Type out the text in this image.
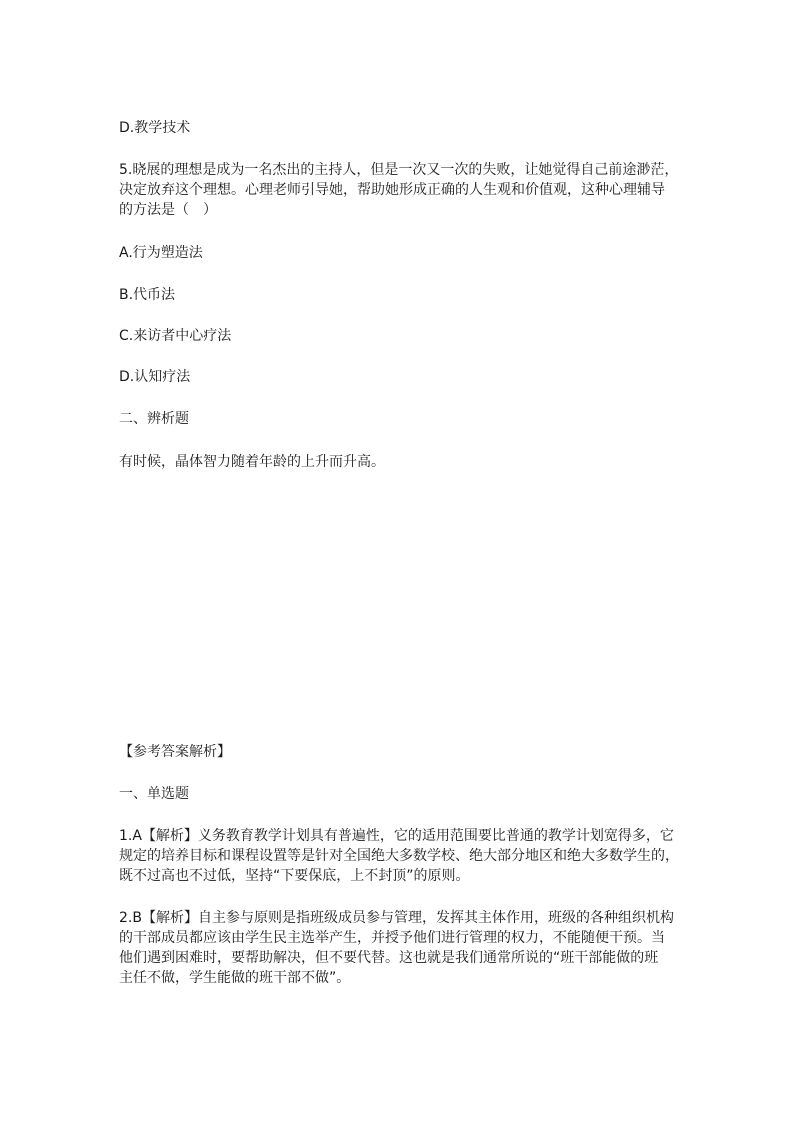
D.教学技术
5.晓展的理想是成为一名杰出的主持人，但是一次又一次的失败，让她觉得自己前途渺茫，
决定放弃这个理想。心理老师引导她，帮助她形成正确的人生观和价值观，这种心理辅导
的方法是（　）
A.行为塑造法
B.代币法
C.来访者中心疗法
D.认知疗法
二、辨析题
有时候，晶体智力随着年龄的上升而升高。
【参考答案解析】
一、单选题
1.A【解析】义务教育教学计划具有普遍性，它的适用范围要比普通的教学计划宽得多，它
规定的培养目标和课程设置等是针对全国绝大多数学校、绝大部分地区和绝大多数学生的，
既不过高也不过低，坚持“下要保底，上不封顶”的原则。
2.B【解析】自主参与原则是指班级成员参与管理，发挥其主体作用，班级的各种组织机构
的干部成员都应该由学生民主选举产生，并授予他们进行管理的权力，不能随便干预。当
他们遇到困难时，要帮助解决，但不要代替。这也就是我们通常所说的“班干部能做的班
主任不做，学生能做的班干部不做”。
